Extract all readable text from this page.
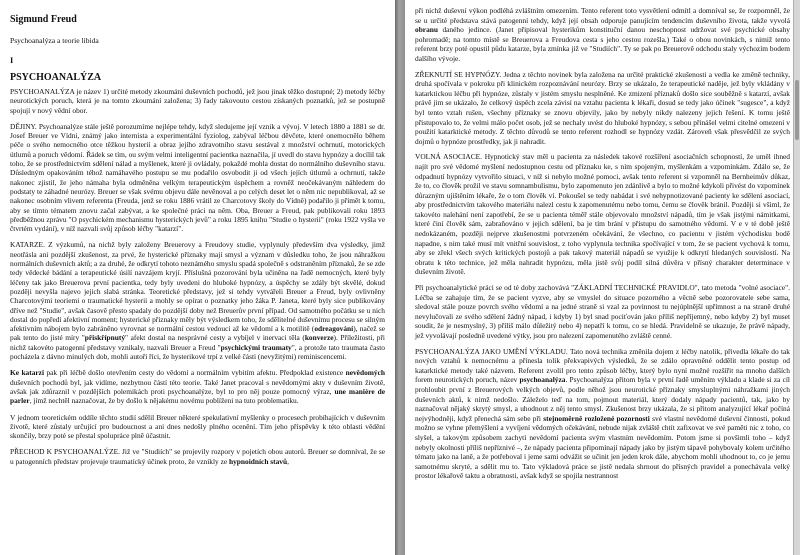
Sigmund Freud
Psychoanalýza a teorie libida
I
PSYCHOANALÝZA

PSYCHOANALÝZA je název 1) určité metody zkoumání duševních pochodů, jež jsou jinak těžko dostupné; 2) metody léčby neurotických poruch, která je na tomto zkoumání založena; 3) řady takovouto cestou získaných poznatků, jež se postupně spojují v nový vědní obor.

DĚJINY. Psychoanalýze stále ještě porozumíme nejlépe tehdy, když sledujeme její vznik a vývoj. V letech 1880 a 1881 se dr. Josef Breuer ve Vídni, známý jako internista a experimentální fyziolog, zabýval léčbou děvčete, které onemocnělo během péče o svého nemocného otce těžkou hysterií a obraz jejího zdravotního stavu sestával z množství ochrnutí, motorických útlumů a poruch vědomí. Řádek se tím, ou svým velmi inteligentní pacientka naznačila, jí uvedl do stavu hypnózy a docílil tak toho, že se prostřednictvím sdělení nálad a myšlenek, které ji ovládaly, pokaždé mohla dostat do normálního duševního stavu. Důsledným opakováním téhož namáhavého postupu se mu podařilo osvobodit ji od všech jejích útlumů a ochrnutí, takže nakonec zjistil, že jeho námaha byla odměněna velkým terapeutickým úspěchem a rovněž neočekávaným náhledem do podstaty te záhadné neurózy. Breuer se však svému objevu dále nevěnoval a po celých deset let o něm nic nepublikoval, až se nakonec osobním vlivem referenta (Freuda, jenž se roku 1886 vrátil ze Charcotovy školy do Vídně) podařilo ji přimět k tomu, aby se tímto tématem znovu začal zabývat, a ke společné práci na něm. Oba, Breuer a Freud, pak publikovali roku 1893 předběžnou zprávu "O psychickém mechanismu hysterických jevů" a roku 1895 knihu "Studie o hysterii" (roku 1922 vyšla ve čtvrtém vydání), v níž nazvali svůj způsob léčby "katarzí".

KATARZE. Z výzkumů, na nichž byly založeny Breuerovy a Freudovy studie, vyplynuly především dva výsledky, jimž neotřásla ani pozdější zkušenost, za prvé, že hysterické příznaky mají smysl a význam v důsledku toho, že jsou náhražkou normálních duševních aktů; a za druhé, že odkrytí tohoto neznámého smyslu spadá společně s odstraněním příznaků, že se zde tedy vědecké bádání a terapeutické úsilí navzájem kryjí. Příslušná pozorování byla učiněna na řadě nemocných, které byly léčeny tak jako Breuerova první pacientka, tedy byly uvedeni do hluboké hypnózy, a úspěchy se zdály být skvělé, dokud později nevyšla najevo jejich slabá stránka. Teoretické představy, jež si tehdy vytvářeli Breuer a Freud, byly ovlivněny Charcotovými teoriemi o traumatické hysterii a mohly se opírat o poznatky jeho žáka P. Janeta, které byly sice publikovány dříve než "Studie", avšak časově přesto spadaly do pozdější doby než Breuerův první případ. Od samotného počátku se u nich dostal do popředí afektivní moment; hysterické příznaky měly být výsledkem toho, že sdělitelné duševnímu procesu se silným afektivním nábojem bylo zabráněno vyrovnat se normální cestou vedoucí až ke vědomí a k motilitě (odreagování), načež se pak tento do jisté míry "přiskřípnutý" afekt dostal na nesprávné cesty a vybíjel v inervaci těla (konverze). Příležitosti, při nichž takovéto patogenní představy vznikaly, nazvali Breuer a Freud "psychickými traumaty", a protože tato traumata často pocházela z dávno minulých dob, mohli autoři říci, že hysterikové trpí z velké části (nevyžitými) reminiscencemi.

Ke katarzi pak při léčbě došlo otevřením cesty do vědomí a normálním vybitím afektu. Předpoklad existence nevědomých duševních pochodů byl, jak vidíme, nezbytnou částí této teorie. Také Janet pracoval s nevědomými akty v duševním životě, avšak jak zdůraznil v pozdějších polemikách proti psychoanalýze, byl to pro něj pouze pomocný výraz, une manière de parler, jímž nechtěl naznačovat, že by došlo k nějakému novému poblíženi na tuto problematiku.

V jednom teoretickém oddíle těchto studií sdělil Breuer některé spekulativní myšlenky o procesech probíhajících v duševním životě, které zůstaly určující pro budoucnost a ani dnes nedošly plného ocenění. Tím jeho příspěvky k této oblasti vědění skončily, brzy poté se přestal spolupráce plně účastnit.

PŘECHOD K PSYCHOANALÝZE. Již ve "Studiích" se projevily rozpory v pojetích obou autorů. Breuer se domníval, že se u patogenních představ projevuje traumatický účinek proto, že vznikly ze hypnoidních stavů,

při nichž duševní výkon podléhá zvláštním omezením. Tento referent toto vysvětlení odmítl a domníval se, že rozpomněl, že se u určité představa stává patogenní tehdy, když její obsah odporuje panujícím tendencím duševního života, takže vyvolá obranu daného jedince. (Janet připisoval hysterikům konstituční danou neschopnost udržovat své psychické obsahy pohromadě; na tomto místě se Breuerova a Freudova cesta s jeho cestou rozešla.) Také o obou novinkách, s nimiž tento referent brzy poté opustil půdu katarze, byla zmínka již ve "Studiích". Ty se pak po Breuerově odchodu staly výchozím bodem dalšího vývoje.

ZŘEKNUTÍ SE HYPNÓZY. Jedna z těchto novinek byla založena na určité praktické zkušenosti a vedla ke změně techniky, druhá spočívala v pokroku při klinickém rozpoznávání neurózy. Brzy se ukázalo, že terapeutické naděje, jež byly vkládány v katarktickou léčbu při hypnóze, zůstaly v jistém smyslu nesplněné. Ke zmizení příznaků došlo sice souběžně s katarzí, avšak právě jim se ukázalo, že celkový úspěch zcela závisí na vztahu pacienta k lékaři, dosud se tedy jako účinek "sugesce", a když byl tento vztah rušen, všechny příznaky se znovu objevily, jako by nebyly nikdy nalezeny jejich řešení. K tomu ještě přistupovalo to, že velmi málo počet osob, jež se nechaly uvést do hluboké hypnózy, s sebou přinášel velmi citelné omezení v použití katarktické metody. Z těchto důvodů se tento referent rozhodl se hypnózy vzdát. Zároveň však přesvědčil ze svých dojmů o hypnóze prostředky, jak ji nahradit.

VOLNÁ ASOCIACE. Hypnotický stav měl u pacienta za následek takové rozšíření asociačních schopností, že uměl ihned najít pro své vědomé myšlení nedostupnou cestu od příznaku ke, s ním spojeným, myšlenkám a vzpomínkám. Zdálo se, že odpadnutí hypnózy vytvořilo situaci, v níž si nebylo možné pomoci, avšak tento referent si vzpomněl na Bernheimův důkaz, že to, co člověk prožil ve stavu somnambulismu, bylo zapomenuto jen zdánlivě a bylo to možné kdykoli přivést do vzpomínek důrazným ujištěním lékaře, že o tom člověk ví. Pokoušel se tedy nabádat i své nehypnotizované pacienty ke sdělení asociací, aby prostřednictvím takového materiálu nalezl cestu k zapomenutému nebo tomu, čemu se člověk bránil. Později si všiml, že takovéto nalehání není zapotřebí, že se u pacienta téměř stále objevovalo množství nápadů, tím je však jistými námitkami, které činí člověk sám, zabraňováno v jejich sdělení, ba je tím brání v přístupu do samotného vědomí. V e v té době ještě nedokázaném, později nejprve zkušenostmi potvrzeném očekávání, že všechno, co pacientu v jistém východisku bodě napadne, s nim také musí mít vnitřní souvislost, z toho vyplynula technika spočívající v tom, že se pacient vychová k tomu, aby se zřekl všech svých kritických postojů a pak takový materiál nápadů se využije k odkrytí hledaných souvislostí. Na obratu k této technice, jež měla nahradit hypnózu, měla jistě svůj podíl silná důvěra v přísný charakter determinace v duševním životě.

Při psychoanalytické práci se od té doby zachovává "ZÁKLADNÍ TECHNICKÉ PRAVIDLO", tato metoda "volné asociace". Léčba se zahajuje tím, že se pacient vyzve, aby se vmyslel do situace pozorného a věcně sebe pozorovatele sebe sama, sledoval stále pouze povrch svého vědomí a na jedné straně si vzal za povinnost tu nejúplnější upřímnost a na straně druhé nevylučovali ze svého sdělení žádný nápad, i kdyby 1) byl snad pociťován jako příliš nepříjemný, nebo kdyby 2) byl muset soudit, že je nesmyslný, 3) příliš málo důležitý nebo 4) nepatří k tomu, co se hledá. Pravidelně se ukazuje, že právě nápady, jež vyvolávají posledně uvedené výtky, jsou pro nalezení zapomenutého zvláště cenné.

PSYCHOANALÝZA JAKO UMĚNÍ VÝKLADU. Tato nová technika změnila dojem z léčby natolik, přivedla lékaře do tak nových vztahů k nemocnému a přinesla tolik překvapivých výsledků, že se zdálo opravněné oddělit tento postup od katarktické metody také názvem. Referent zvolil pro tento způsob léčby, který bylo nyní možné rozšířit na mnoho dalších forem neurotických poruch, název psychoanalýza. Psychoanalýza přitom byla v první řadě uměním výkladu a klade si za cíl prohloubit první z Breuerových velkých objevů, podle něhož jsou neurotické příznaky smysluplnými náhražkami jiných duševních aktů, k nimž nedošlo. Záleželo teď na tom, pojmout materiál, který dodaly nápady pacientů, tak, jako by naznačoval nějaký skrytý smysl, a uhodnout z něj tento smysl. Zkušenost brzy ukázala, že si přitom analyzující lékař počíná nejvýhodněji, když přenechá sám sebe při stejnoměrně rozložené pozornosti své vlastní nevědomé duševní činnosti, pokud možno se vyhne přemýšlení a vyvíjení vědomých očekávání, nebude nijak zvláště chtít zafixovat ve své paměti nic z toho, co slyšel, a takovým způsobem zachytí nevědomí pacienta svým vlastním nevědomím. Potom jsme si povšimli toho – když nebyly okolnosti příliš nepříznivé –, že nápady pacienta připomínají nápady jako by jistým tápavě pohybovaly kolem určitého tématu jako na laně, a že potřeboval i jeme sami odvážit se učinit jen jeden krok dále, abychom mohli uhodnout to, co je jemu samotnému skryté, a sdělit mu to. Tato výkladová práce se jistě nedala shrnout do přísných pravidel a ponechávala velký prostor lékařově taktu a obratnosti, avšak když se spojila nestrannost
